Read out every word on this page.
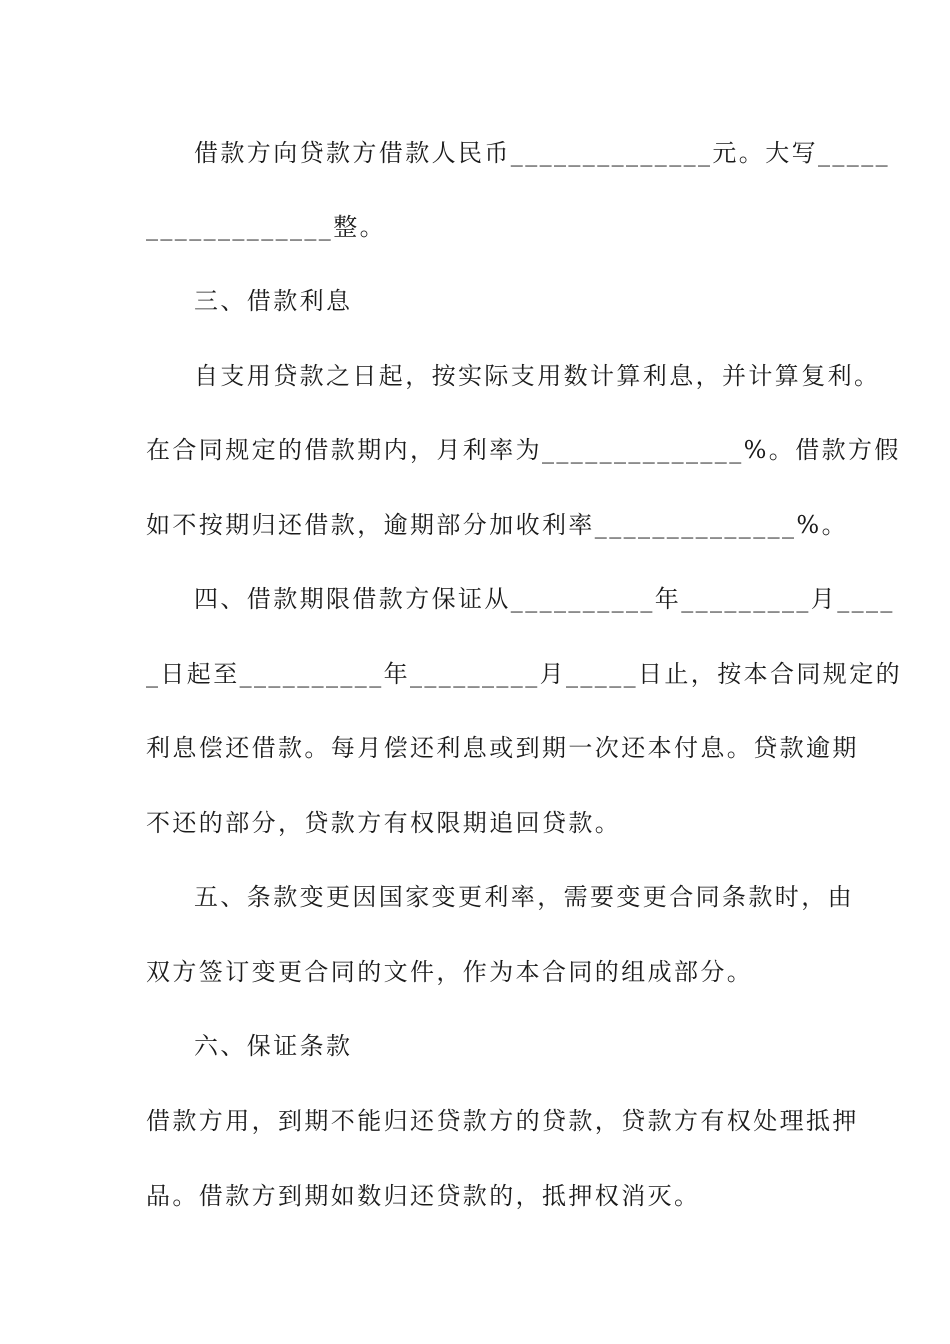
借款方向贷款方借款人民币______________元。大写_____
_____________整。
三、借款利息
自支用贷款之日起，按实际支用数计算利息，并计算复利。
在合同规定的借款期内，月利率为______________%。借款方假
如不按期归还借款，逾期部分加收利率______________%。
四、借款期限借款方保证从__________年_________月____
_日起至__________年_________月_____日止，按本合同规定的
利息偿还借款。每月偿还利息或到期一次还本付息。贷款逾期
不还的部分，贷款方有权限期追回贷款。
五、条款变更因国家变更利率，需要变更合同条款时，由
双方签订变更合同的文件，作为本合同的组成部分。
六、保证条款
借款方用，到期不能归还贷款方的贷款，贷款方有权处理抵押
品。借款方到期如数归还贷款的，抵押权消灭。
